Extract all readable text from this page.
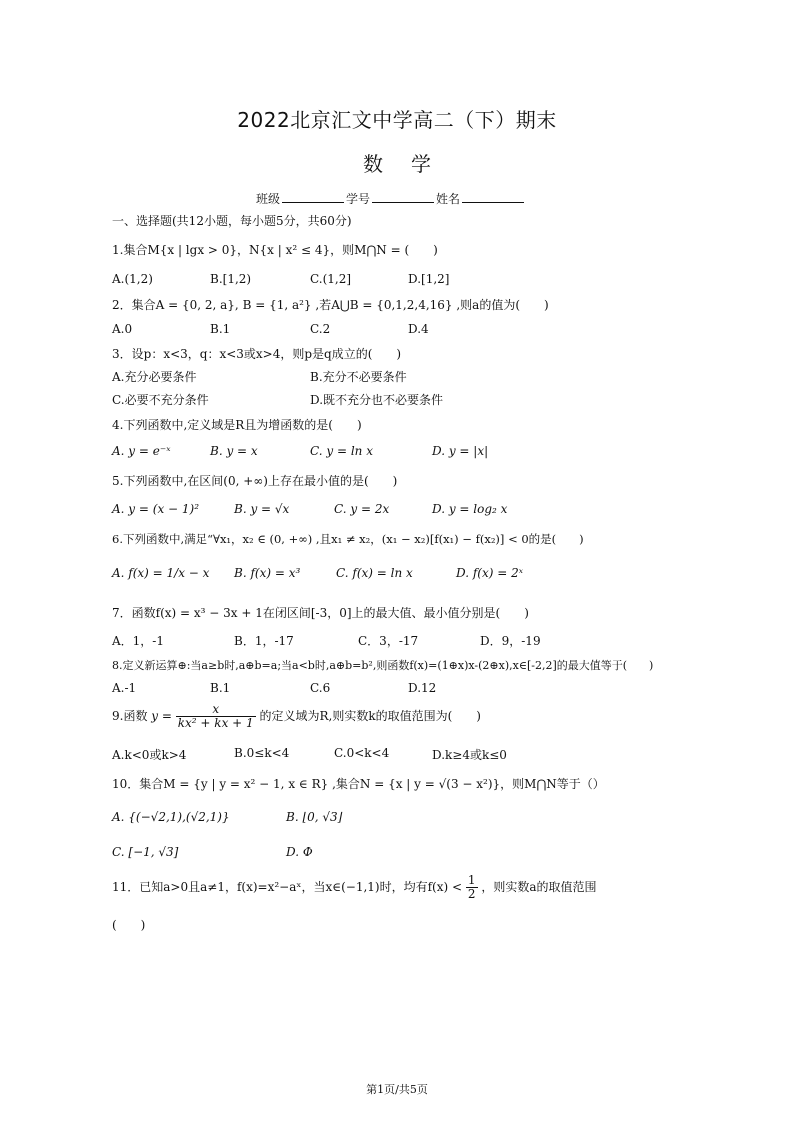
2022北京汇文中学高二（下）期末
数学
班级	学号	姓名
一、选择题(共12小题，每小题5分，共60分)
1.集合M{x | lgx > 0}，N{x | x² ≤ 4}，则M⋂N = (　　)
A.(1,2)	B.[1,2)	C.(1,2]	D.[1,2]
2．集合A = {0, 2, a}, B = {1, a²} ,若A⋃B = {0,1,2,4,16} ,则a的值为(　　)
A.0	B.1	C.2	D.4
3．设p：x<3，q：x<3或x>4，则p是q成立的(　　)
A.充分必要条件	B.充分不必要条件
C.必要不充分条件	D.既不充分也不必要条件
4.下列函数中,定义域是R且为增函数的是(　　)
A. y = e⁻ˣ	B. y = x	C. y = ln x	D. y = |x|
5.下列函数中,在区间(0, +∞)上存在最小值的是(　　)
A. y = (x − 1)²	B. y = √x	C. y = 2x	D. y = log₂ x
6.下列函数中,满足“∀x₁，x₂ ∈ (0, +∞) ,且x₁ ≠ x₂，(x₁ − x₂)[f(x₁) − f(x₂)] < 0的是(　　)
A. f(x) = 1/x − x B. f(x) = x³	C. f(x) = ln x	D. f(x) = 2ˣ
7．函数f(x) = x³ − 3x + 1在闭区间[-3，0]上的最大值、最小值分别是(　　)
A．1，-1	B．1，-17	C．3，-17	D．9，-19
8.定义新运算⊕:当a≥b时,a⊕b=a;当a<b时,a⊕b=b²,则函数f(x)=(1⊕x)x-(2⊕x),x∈[-2,2]的最大值等于(　　)
A.-1	B.1	C.6	D.12
9.函数 $y = \frac{x}{\text{kx² + kx + 1}}$ 的定义域为R,则实数k的取值范围为(　　)
A.k<0或k>4	B.0≤k<4	C.0<k<4	D.k≥4或k≤0
10．集合M = {y | y = x² − 1, x ∈ R} ,集合N = {x | y = √(3 − x²)}，则M⋂N等于（）
A. {(−√2,1),(√2,1)}	B. ⌊0, √3⌋
C. [−1, √3]	D. Φ
11．已知a>0且a≠1，f(x)=x²−aˣ，当x∈(−1,1)时，均有$f(x) < \frac{1}{2}$ ，则实数a的取值范围
(　　)
第1页/共5页
